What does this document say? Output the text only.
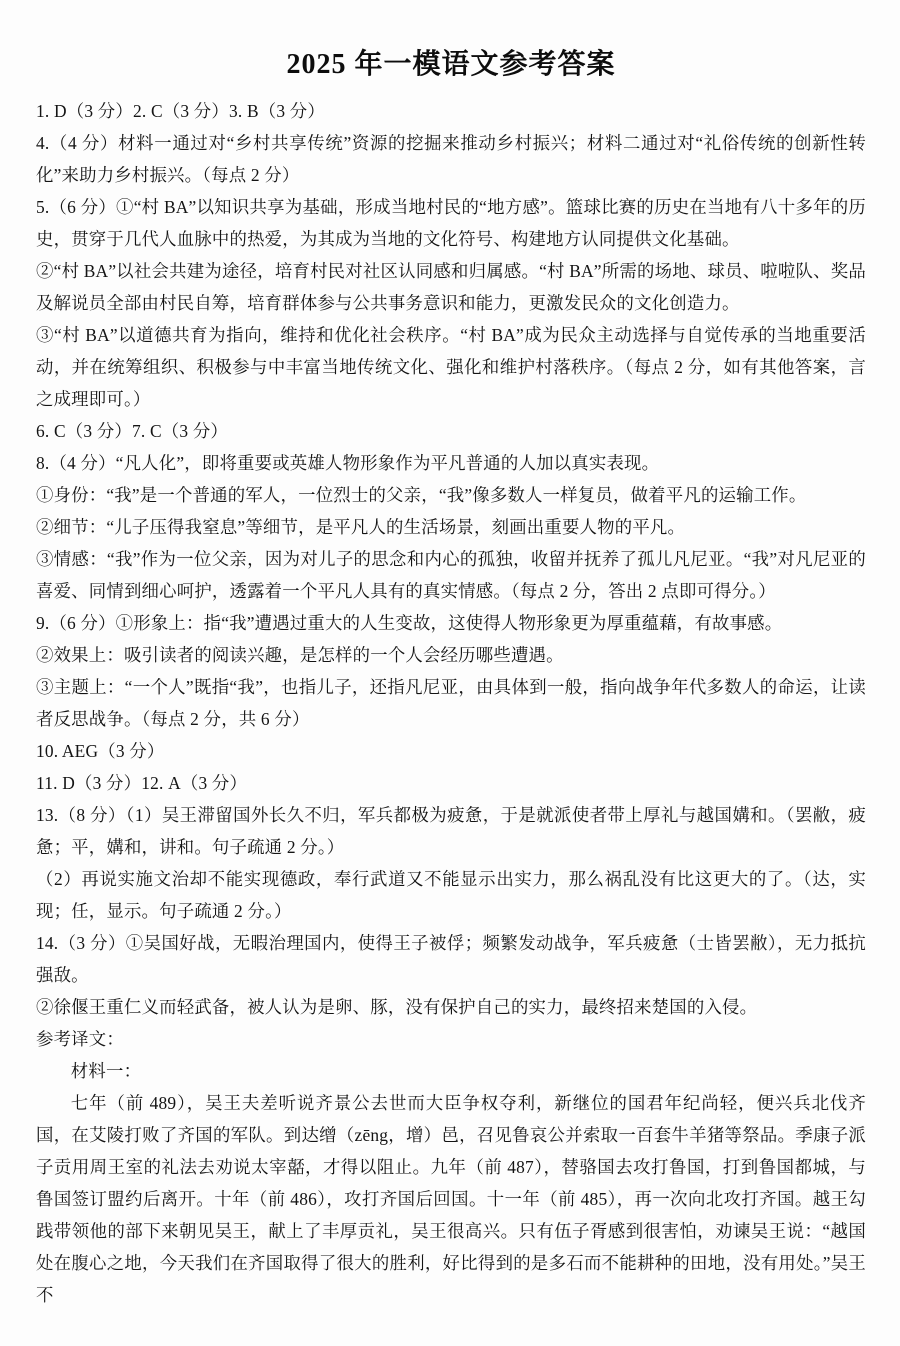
2025 年一模语文参考答案

1. D（3 分）2. C（3 分）3. B（3 分）

4.（4 分）材料一通过对“乡村共享传统”资源的挖掘来推动乡村振兴；材料二通过对“礼俗传统的创新性转化”来助力乡村振兴。（每点 2 分）

5.（6 分）①“村 BA”以知识共享为基础，形成当地村民的“地方感”。篮球比赛的历史在当地有八十多年的历史，贯穿于几代人血脉中的热爱，为其成为当地的文化符号、构建地方认同提供文化基础。

②“村 BA”以社会共建为途径，培育村民对社区认同感和归属感。“村 BA”所需的场地、球员、啦啦队、奖品及解说员全部由村民自筹，培育群体参与公共事务意识和能力，更激发民众的文化创造力。

③“村 BA”以道德共育为指向，维持和优化社会秩序。“村 BA”成为民众主动选择与自觉传承的当地重要活动，并在统筹组织、积极参与中丰富当地传统文化、强化和维护村落秩序。（每点 2 分，如有其他答案，言之成理即可。）

6. C（3 分）7. C（3 分）

8.（4 分）“凡人化”，即将重要或英雄人物形象作为平凡普通的人加以真实表现。

①身份：“我”是一个普通的军人，一位烈士的父亲，“我”像多数人一样复员，做着平凡的运输工作。

②细节：“儿子压得我窒息”等细节，是平凡人的生活场景，刻画出重要人物的平凡。

③情感：“我”作为一位父亲，因为对儿子的思念和内心的孤独，收留并抚养了孤儿凡尼亚。“我”对凡尼亚的喜爱、同情到细心呵护，透露着一个平凡人具有的真实情感。（每点 2 分，答出 2 点即可得分。）

9.（6 分）①形象上：指“我”遭遇过重大的人生变故，这使得人物形象更为厚重蕴藉，有故事感。

②效果上：吸引读者的阅读兴趣，是怎样的一个人会经历哪些遭遇。

③主题上：“一个人”既指“我”，也指儿子，还指凡尼亚，由具体到一般，指向战争年代多数人的命运，让读者反思战争。（每点 2 分，共 6 分）

10. AEG（3 分）

11. D（3 分）12. A（3 分）

13.（8 分）（1）吴王滞留国外长久不归，军兵都极为疲惫，于是就派使者带上厚礼与越国媾和。（罢敝，疲惫；平，媾和，讲和。句子疏通 2 分。）

（2）再说实施文治却不能实现德政，奉行武道又不能显示出实力，那么祸乱没有比这更大的了。（达，实现；任，显示。句子疏通 2 分。）

14.（3 分）①吴国好战，无暇治理国内，使得王子被俘；频繁发动战争，军兵疲惫（士皆罢敝），无力抵抗强敌。

②徐偃王重仁义而轻武备，被人认为是卵、豚，没有保护自己的实力，最终招来楚国的入侵。

参考译文：

材料一：

七年（前 489），吴王夫差听说齐景公去世而大臣争权夺利，新继位的国君年纪尚轻，便兴兵北伐齐国，在艾陵打败了齐国的军队。到达缯（zēng，增）邑，召见鲁哀公并索取一百套牛羊猪等祭品。季康子派子贡用周王室的礼法去劝说太宰嚭，才得以阻止。九年（前 487），替骆国去攻打鲁国，打到鲁国都城，与鲁国签订盟约后离开。十年（前 486），攻打齐国后回国。十一年（前 485），再一次向北攻打齐国。越王勾践带领他的部下来朝见吴王，献上了丰厚贡礼，吴王很高兴。只有伍子胥感到很害怕，劝谏吴王说：“越国处在腹心之地，今天我们在齐国取得了很大的胜利，好比得到的是多石而不能耕种的田地，没有用处。”吴王不
